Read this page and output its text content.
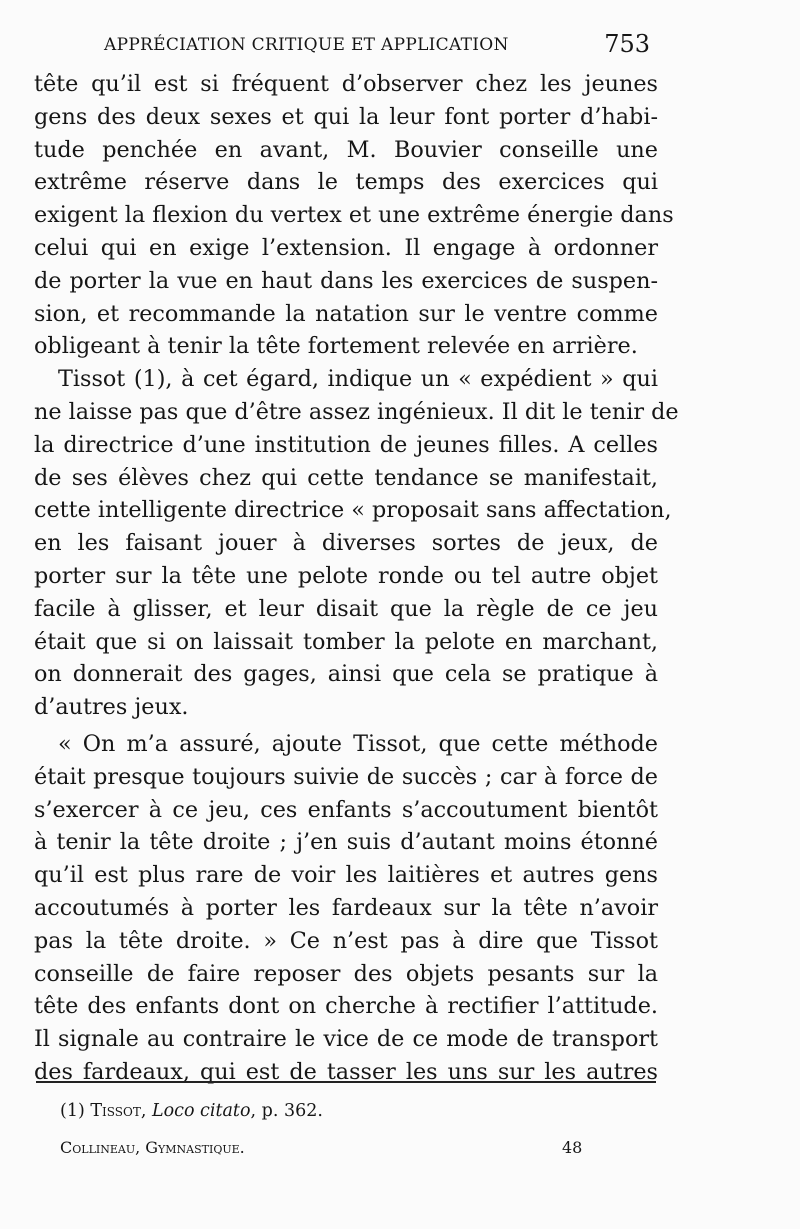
APPRÉCIATION CRITIQUE ET APPLICATION	753
tête qu’il est si fréquent d’observer chez les jeunes
gens des deux sexes et qui la leur font porter d’habi-
tude penchée en avant, M. Bouvier conseille une
extrême réserve dans le temps des exercices qui
exigent la flexion du vertex et une extrême énergie dans
celui qui en exige l’extension. Il engage à ordonner
de porter la vue en haut dans les exercices de suspen-
sion, et recommande la natation sur le ventre comme
obligeant à tenir la tête fortement relevée en arrière.
Tissot (1), à cet égard, indique un « expédient » qui
ne laisse pas que d’être assez ingénieux. Il dit le tenir de
la directrice d’une institution de jeunes filles. A celles
de ses élèves chez qui cette tendance se manifestait,
cette intelligente directrice « proposait sans affectation,
en les faisant jouer à diverses sortes de jeux, de
porter sur la tête une pelote ronde ou tel autre objet
facile à glisser, et leur disait que la règle de ce jeu
était que si on laissait tomber la pelote en marchant,
on donnerait des gages, ainsi que cela se pratique à
d’autres jeux.
« On m’a assuré, ajoute Tissot, que cette méthode
était presque toujours suivie de succès ; car à force de
s’exercer à ce jeu, ces enfants s’accoutument bientôt
à tenir la tête droite ; j’en suis d’autant moins étonné
qu’il est plus rare de voir les laitières et autres gens
accoutumés à porter les fardeaux sur la tête n’avoir
pas la tête droite. » Ce n’est pas à dire que Tissot
conseille de faire reposer des objets pesants sur la
tête des enfants dont on cherche à rectifier l’attitude.
Il signale au contraire le vice de ce mode de transport
des fardeaux, qui est de tasser les uns sur les autres
(1) Tissot, Loco citato, p. 362.
Collineau, Gymnastique.	48
